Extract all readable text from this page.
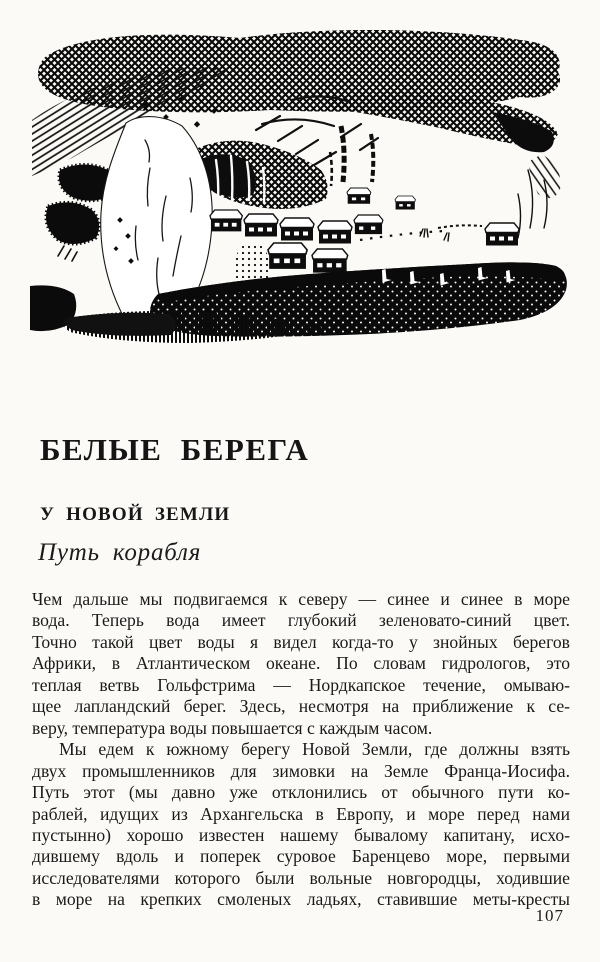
БЕЛЫЕ БЕРЕГА
У НОВОЙ ЗЕМЛИ
Путь корабля
Чем дальше мы подвигаемся к северу — синее и синее в море
вода. Теперь вода имеет глубокий зеленовато-синий цвет.
Точно такой цвет воды я видел когда-то у знойных берегов
Африки, в Атлантическом океане. По словам гидрологов, это
теплая ветвь Гольфстрима — Нордкапское течение, омываю-
щее лапландский берег. Здесь, несмотря на приближение к се-
веру, температура воды повышается с каждым часом.
Мы едем к южному берегу Новой Земли, где должны взять
двух промышленников для зимовки на Земле Франца-Иосифа.
Путь этот (мы давно уже отклонились от обычного пути ко-
раблей, идущих из Архангельска в Европу, и море перед нами
пустынно) хорошо известен нашему бывалому капитану, исхо-
дившему вдоль и поперек суровое Баренцево море, первыми
исследователями которого были вольные новгородцы, ходившие
в море на крепких смоленых ладьях, ставившие меты-кресты
107
